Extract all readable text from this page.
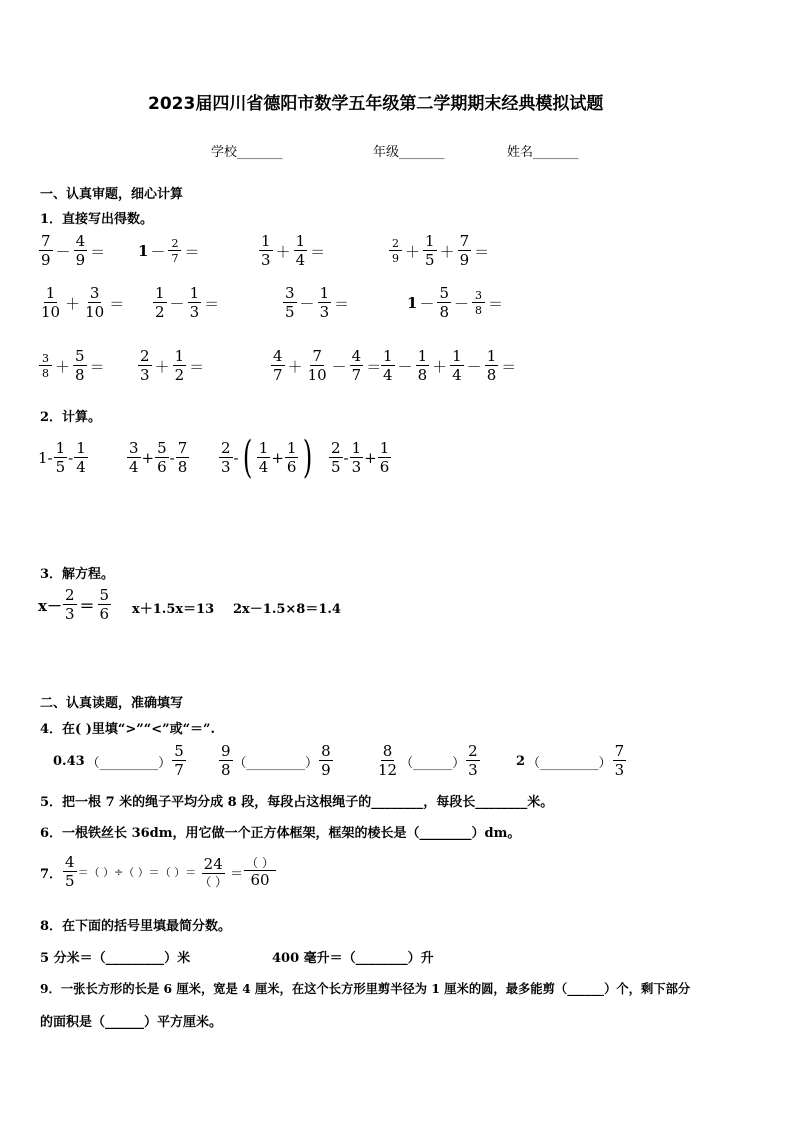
2023届四川省德阳市数学五年级第二学期期末经典模拟试题
学校_______	年级_______	姓名_______
一、认真审题，细心计算
1．直接写出得数。
$\frac{7}{9} - \frac{4}{9} = 1 - \frac{2}{7}$ ＝	$\frac{1}{3} + \frac{1}{4}$ ＝	$\frac{2}{9} + \frac{1}{5} + \frac{7}{9}$ ＝
$\frac{1}{10} + \frac{3}{10} = \frac{1}{2} - \frac{1}{3}$ ＝	$\frac{3}{5} - \frac{1}{3}$ ＝	$1 - \frac{5}{8} - \frac{3}{8}$ ＝
$\frac{3}{8} + \frac{5}{8} = \frac{2}{3} + \frac{1}{2}$ ＝	$\frac{4}{7} + \frac{7}{10} - \frac{4}{7} = \frac{1}{4} - \frac{1}{8} + \frac{1}{4} - \frac{1}{8}$ ＝
2．计算。
$1 - \frac{1}{5} - \frac{1}{4}$	$\frac{3}{4} + \frac{5}{6} - \frac{7}{8} \frac{2}{3}$ - ( $\frac{1}{4} + \frac{1}{6}$ ) $\frac{2}{5} - \frac{1}{3} + \frac{1}{6}$
3．解方程。
$x- \frac{2}{3} = \frac{5}{6} x+1.5x=13$ 2x－1.5×8＝1.4
二、认真读题，准确填写
4．在( )里填“>”“<”或“＝”.
0.43 （_________） $\frac{5}{7} \frac{9}{8}$ （_________） $\frac{8}{9}$	$\frac{8}{12}$ （______） $\frac{2}{3}$	2 （_________） $\frac{7}{3}$
5．把一根 7 米的绳子平均分成 8 段，每段占这根绳子的________，每段长________米。
6．一根铁丝长 36dm，用它做一个正方体框架，框架的棱长是（________）dm。
7． $\frac{4}{5}$ ＝（ ）÷（ ）＝（ ）＝ $\frac{24}{( )} = \frac{( )}{60}$
8．在下面的括号里填最简分数。
5 分米＝（_________）米	400 毫升＝（________）升
9．一张长方形的长是 6 厘米，宽是 4 厘米，在这个长方形里剪半径为 1 厘米的圆，最多能剪（______）个，剩下部分
的面积是（______）平方厘米。
